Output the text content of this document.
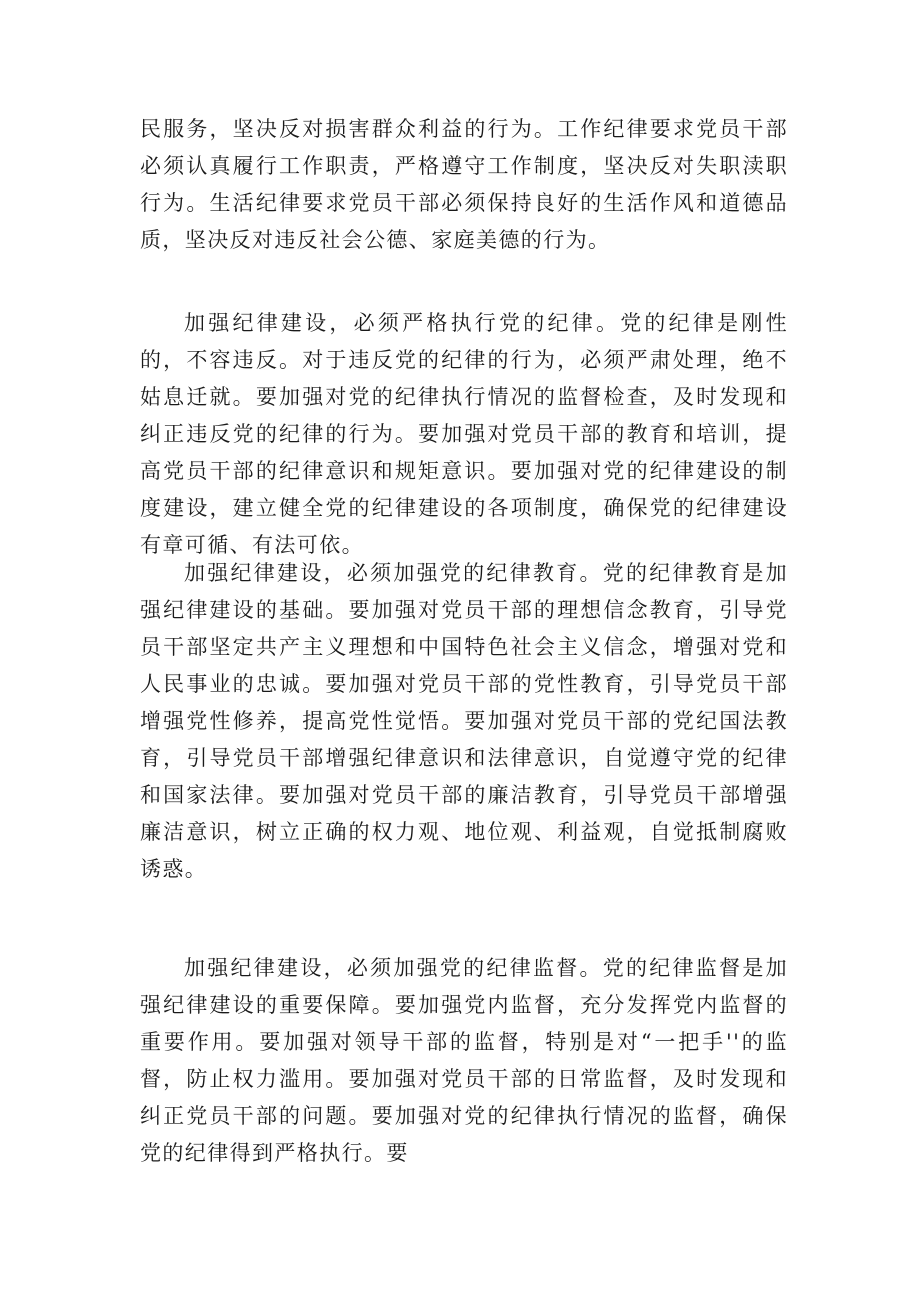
民服务，坚决反对损害群众利益的行为。工作纪律要求党员干部必须认真履行工作职责，严格遵守工作制度，坚决反对失职渎职行为。生活纪律要求党员干部必须保持良好的生活作风和道德品质，坚决反对违反社会公德、家庭美德的行为。

加强纪律建设，必须严格执行党的纪律。党的纪律是刚性的，不容违反。对于违反党的纪律的行为，必须严肃处理，绝不姑息迁就。要加强对党的纪律执行情况的监督检查，及时发现和纠正违反党的纪律的行为。要加强对党员干部的教育和培训，提高党员干部的纪律意识和规矩意识。要加强对党的纪律建设的制度建设，建立健全党的纪律建设的各项制度，确保党的纪律建设有章可循、有法可依。

加强纪律建设，必须加强党的纪律教育。党的纪律教育是加强纪律建设的基础。要加强对党员干部的理想信念教育，引导党员干部坚定共产主义理想和中国特色社会主义信念，增强对党和人民事业的忠诚。要加强对党员干部的党性教育，引导党员干部增强党性修养，提高党性觉悟。要加强对党员干部的党纪国法教育，引导党员干部增强纪律意识和法律意识，自觉遵守党的纪律和国家法律。要加强对党员干部的廉洁教育，引导党员干部增强廉洁意识，树立正确的权力观、地位观、利益观，自觉抵制腐败诱惑。

加强纪律建设，必须加强党的纪律监督。党的纪律监督是加强纪律建设的重要保障。要加强党内监督，充分发挥党内监督的重要作用。要加强对领导干部的监督，特别是对“一把手''的监督，防止权力滥用。要加强对党员干部的日常监督，及时发现和纠正党员干部的问题。要加强对党的纪律执行情况的监督，确保党的纪律得到严格执行。要
